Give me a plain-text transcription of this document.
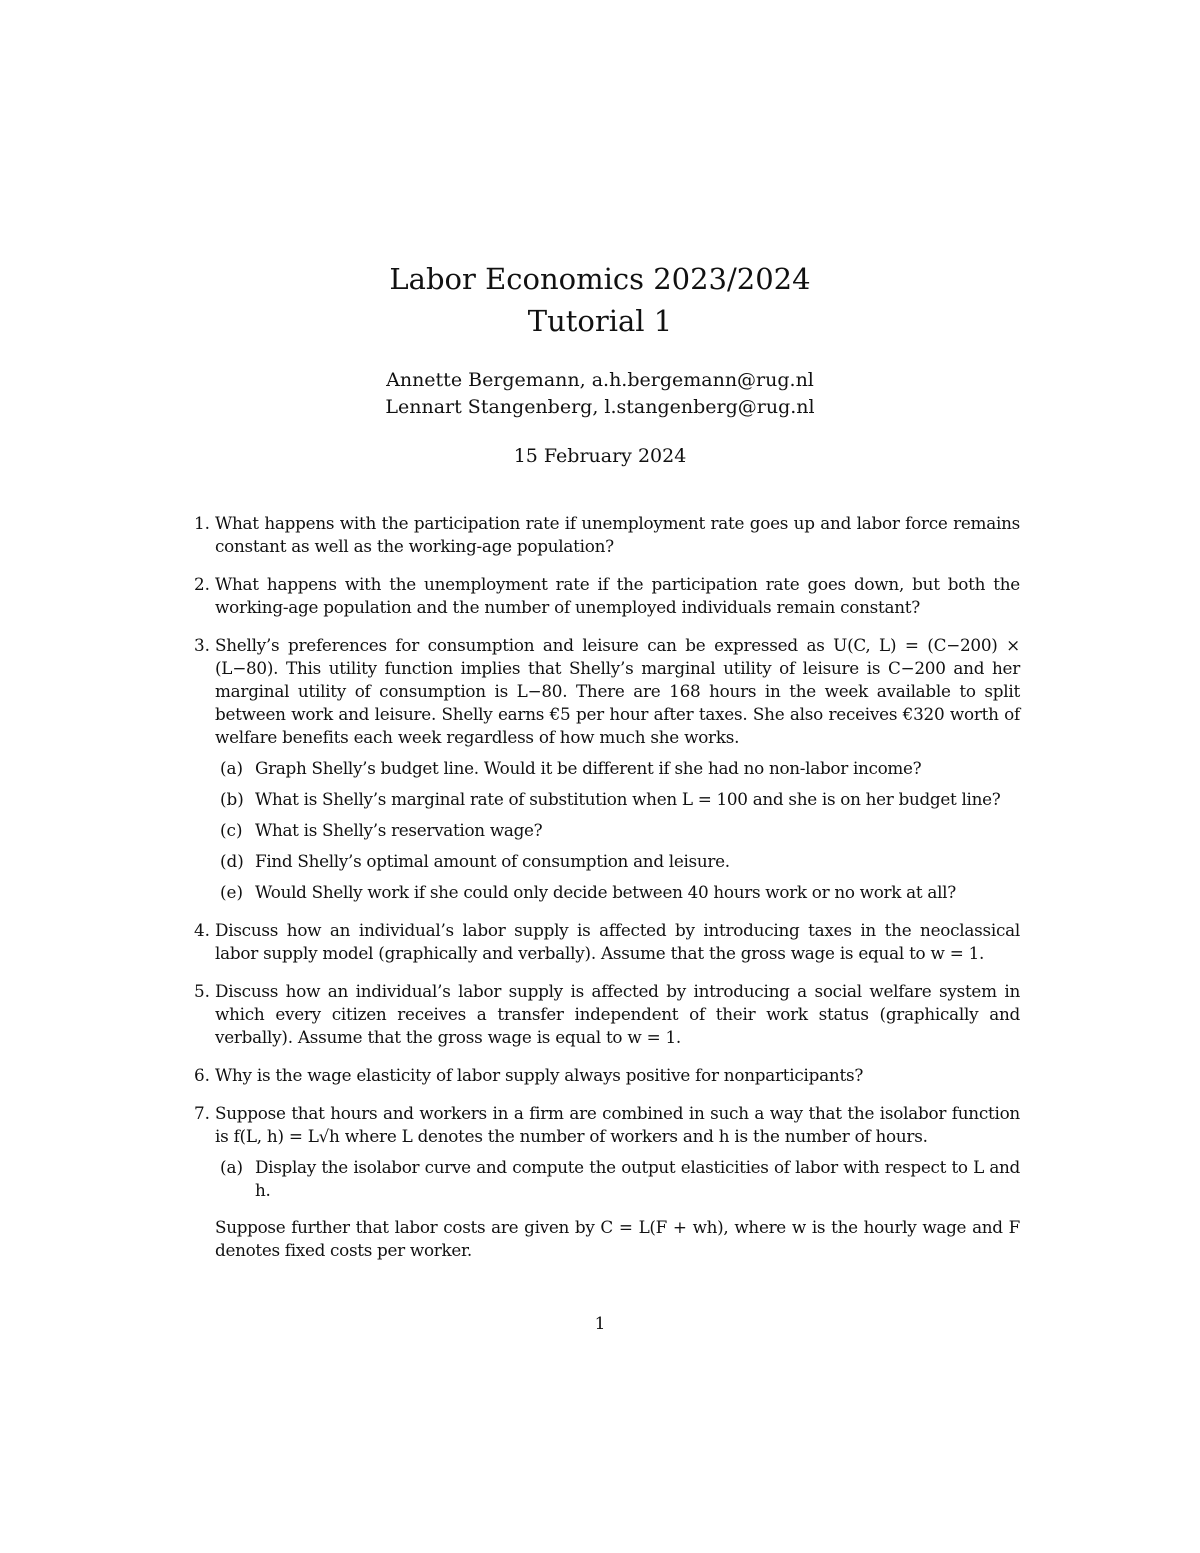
Labor Economics 2023/2024
Tutorial 1
Annette Bergemann, a.h.bergemann@rug.nl
Lennart Stangenberg, l.stangenberg@rug.nl
15 February 2024
1. What happens with the participation rate if unemployment rate goes up and labor force remains constant as well as the working-age population?
2. What happens with the unemployment rate if the participation rate goes down, but both the working-age population and the number of unemployed individuals remain constant?
3. Shelly’s preferences for consumption and leisure can be expressed as U(C, L) = (C−200) × (L−80). This utility function implies that Shelly’s marginal utility of leisure is C−200 and her marginal utility of consumption is L−80. There are 168 hours in the week available to split between work and leisure. Shelly earns €5 per hour after taxes. She also receives €320 worth of welfare benefits each week regardless of how much she works.
(a) Graph Shelly’s budget line. Would it be different if she had no non-labor income?
(b) What is Shelly’s marginal rate of substitution when L = 100 and she is on her budget line?
(c) What is Shelly’s reservation wage?
(d) Find Shelly’s optimal amount of consumption and leisure.
(e) Would Shelly work if she could only decide between 40 hours work or no work at all?
4. Discuss how an individual’s labor supply is affected by introducing taxes in the neoclassical labor supply model (graphically and verbally). Assume that the gross wage is equal to w = 1.
5. Discuss how an individual’s labor supply is affected by introducing a social welfare system in which every citizen receives a transfer independent of their work status (graphically and verbally). Assume that the gross wage is equal to w = 1.
6. Why is the wage elasticity of labor supply always positive for nonparticipants?
7. Suppose that hours and workers in a firm are combined in such a way that the isolabor function is f(L, h) = L√h where L denotes the number of workers and h is the number of hours.
(a) Display the isolabor curve and compute the output elasticities of labor with respect to L and h.
Suppose further that labor costs are given by C = L(F + wh), where w is the hourly wage and F denotes fixed costs per worker.
1
